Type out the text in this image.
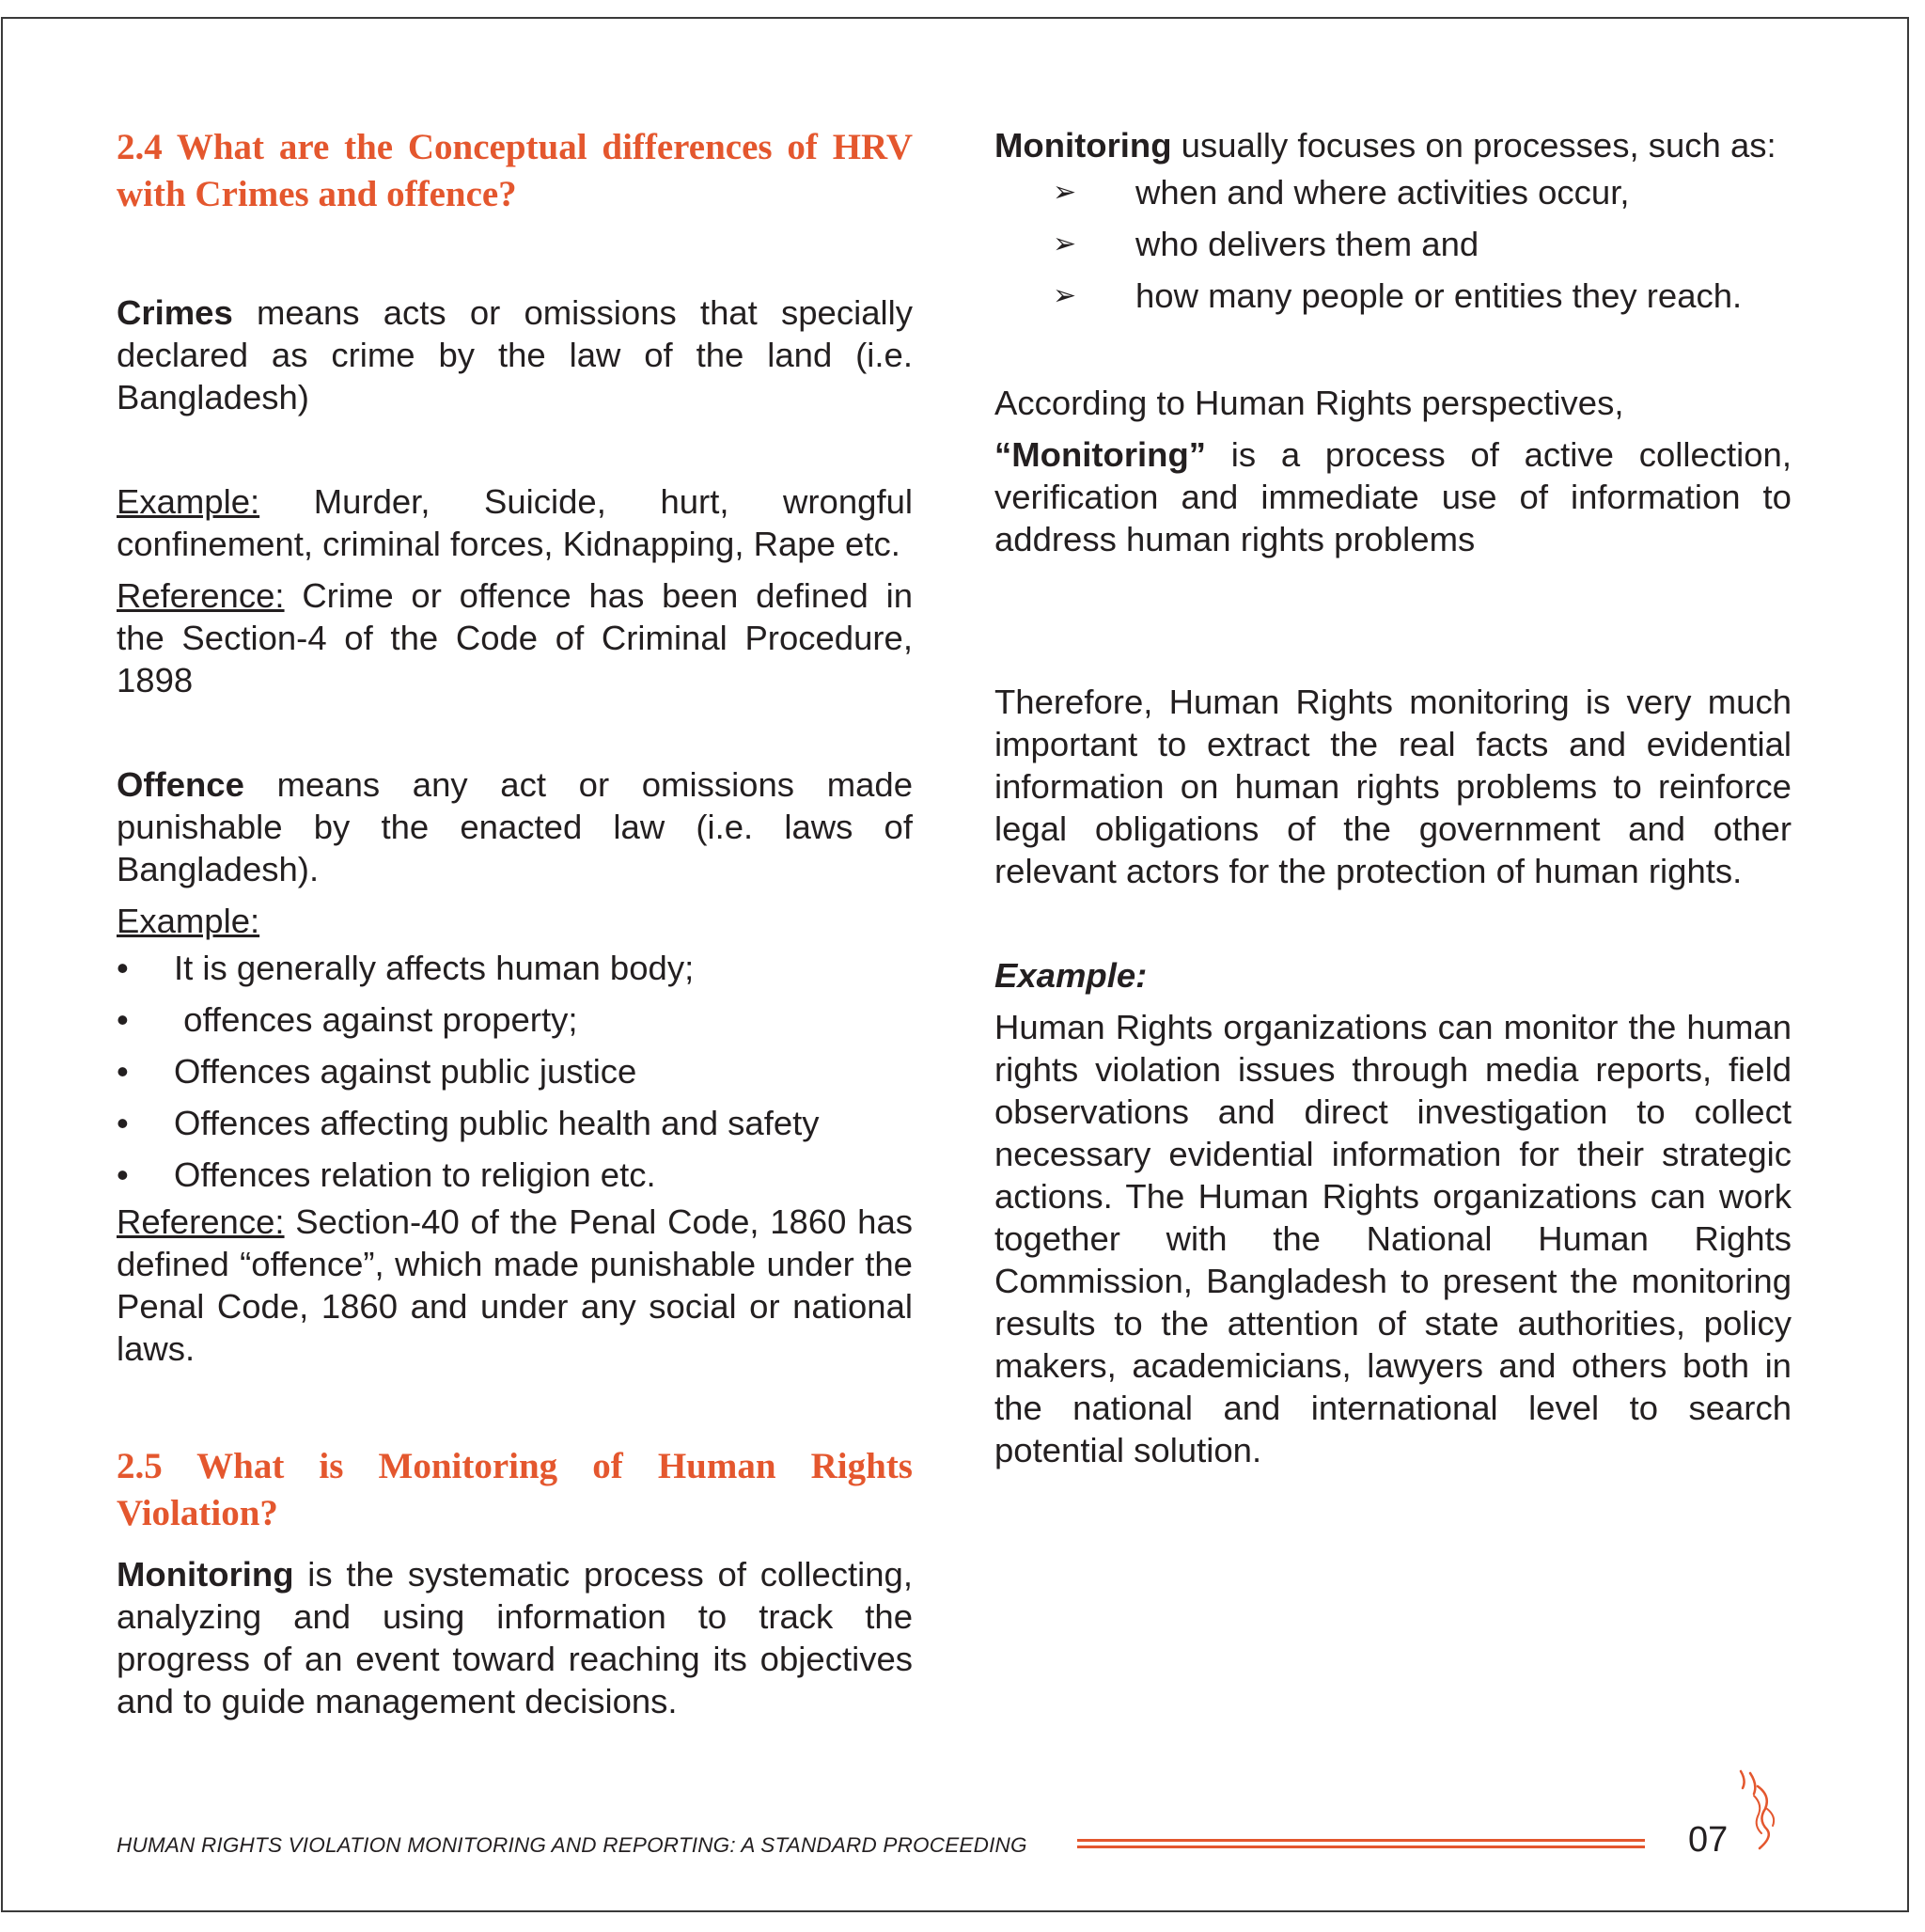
2.4 What are the Conceptual differences of HRV with Crimes and offence?

Crimes means acts or omissions that specially declared as crime by the law of the land (i.e. Bangladesh)

Example: Murder, Suicide, hurt, wrongful confinement, criminal forces, Kidnapping, Rape etc.

Reference: Crime or offence has been defined in the Section-4 of the Code of Criminal Procedure, 1898

Offence means any act or omissions made punishable by the enacted law (i.e. laws of Bangladesh).

Example:

• It is generally affects human body;
• offences against property;
• Offences against public justice
• Offences affecting public health and safety
• Offences relation to religion etc.

Reference: Section-40 of the Penal Code, 1860 has defined “offence”, which made punishable under the Penal Code, 1860 and under any social or national laws.

2.5 What is Monitoring of Human Rights Violation?

Monitoring is the systematic process of collecting, analyzing and using information to track the progress of an event toward reaching its objectives and to guide management decisions.

Monitoring usually focuses on processes, such as:

➢ when and where activities occur,
➢ who delivers them and
➢ how many people or entities they reach.

According to Human Rights perspectives,

“Monitoring” is a process of active collection, verification and immediate use of information to address human rights problems

Therefore, Human Rights monitoring is very much important to extract the real facts and evidential information on human rights problems to reinforce legal obligations of the government and other relevant actors for the protection of human rights.

Example:

Human Rights organizations can monitor the human rights violation issues through media reports, field observations and direct investigation to collect necessary evidential information for their strategic actions. The Human Rights organizations can work together with the National Human Rights Commission, Bangladesh to present the monitoring results to the attention of state authorities, policy makers, academicians, lawyers and others both in the national and international level to search potential solution.

HUMAN RIGHTS VIOLATION MONITORING AND REPORTING: A STANDARD PROCEEDING	07
